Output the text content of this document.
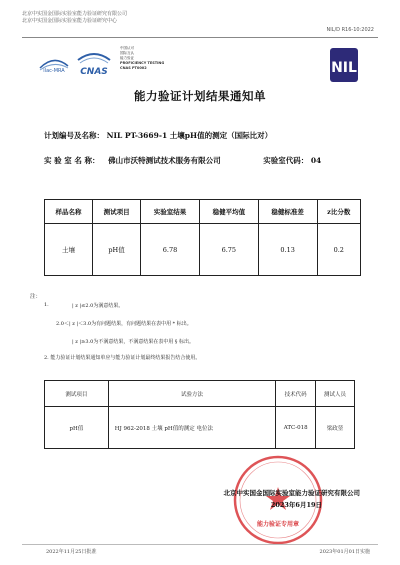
北京中实国金国际实验室能力验证研究有限公司
北京中实国金国际实验室能力验证研究中心
NIL/D R16-10:2022
ilac-MRA CNAS
中国认可
国际互认
能力验证
PROFICIENCY TESTING
CNAS PT0002	NIL
能力验证计划结果通知单
计划编号及名称： NIL PT-3669-1 土壤pH值的测定（国际比对）
实 验 室 名 称： 佛山市沃特测试技术服务有限公司	实验室代码： 04
样品名称	测试项目	实验室结果	稳健平均值	稳健标准差	z比分数
土壤	pH值	6.78	6.75	0.13	0.2
注：
1.	| z |≤2.0为满意结果。
2.0＜| z |＜3.0为有问题结果，有问题结果在表中用 * 标出。
| z |≥3.0为不满意结果，不满意结果在表中用 § 标出。
2. 能力验证计划结果通知单应与能力验证计划最终结果报告结合使用。
测试项目	试验方法	技术代码	测试人员
pH值	HJ 962-2018 土壤 pH值的测定 电位法	ATC-018	梁政堃
能力验证专用章
北京中实国金国际实验室能力验证研究有限公司
2023年6月19日
2022年11月25日批准	2023年01月01日实施
